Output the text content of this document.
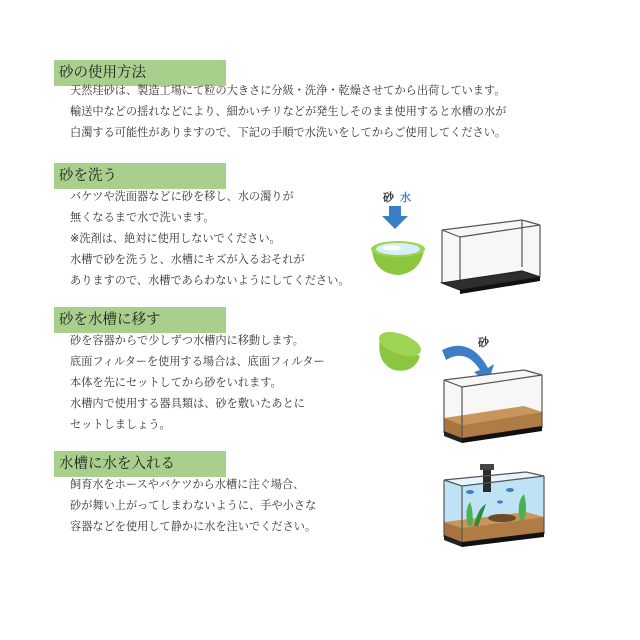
砂の使用方法
天然珪砂は、製造工場にて粒の大きさに分級・洗浄・乾燥させてから出荷しています。
輸送中などの揺れなどにより、細かいチリなどが発生しそのまま使用すると水槽の水が
白濁する可能性がありますので、下記の手順で水洗いをしてからご使用してください。
砂を洗う
バケツや洗面器などに砂を移し、水の濁りが
無くなるまで水で洗います。
※洗剤は、絶対に使用しないでください。
水槽で砂を洗うと、水槽にキズが入るおそれが
ありますので、水槽であらわないようにしてください。
砂 水
砂を水槽に移す
砂を容器からで少しずつ水槽内に移動します。
底面フィルターを使用する場合は、底面フィルター
本体を先にセットしてから砂をいれます。
水槽内で使用する器具類は、砂を敷いたあとに
セットしましょう。
砂
水槽に水を入れる
飼育水をホースやバケツから水槽に注ぐ場合、
砂が舞い上がってしまわないように、手や小さな
容器などを使用して静かに水を注いでください。
